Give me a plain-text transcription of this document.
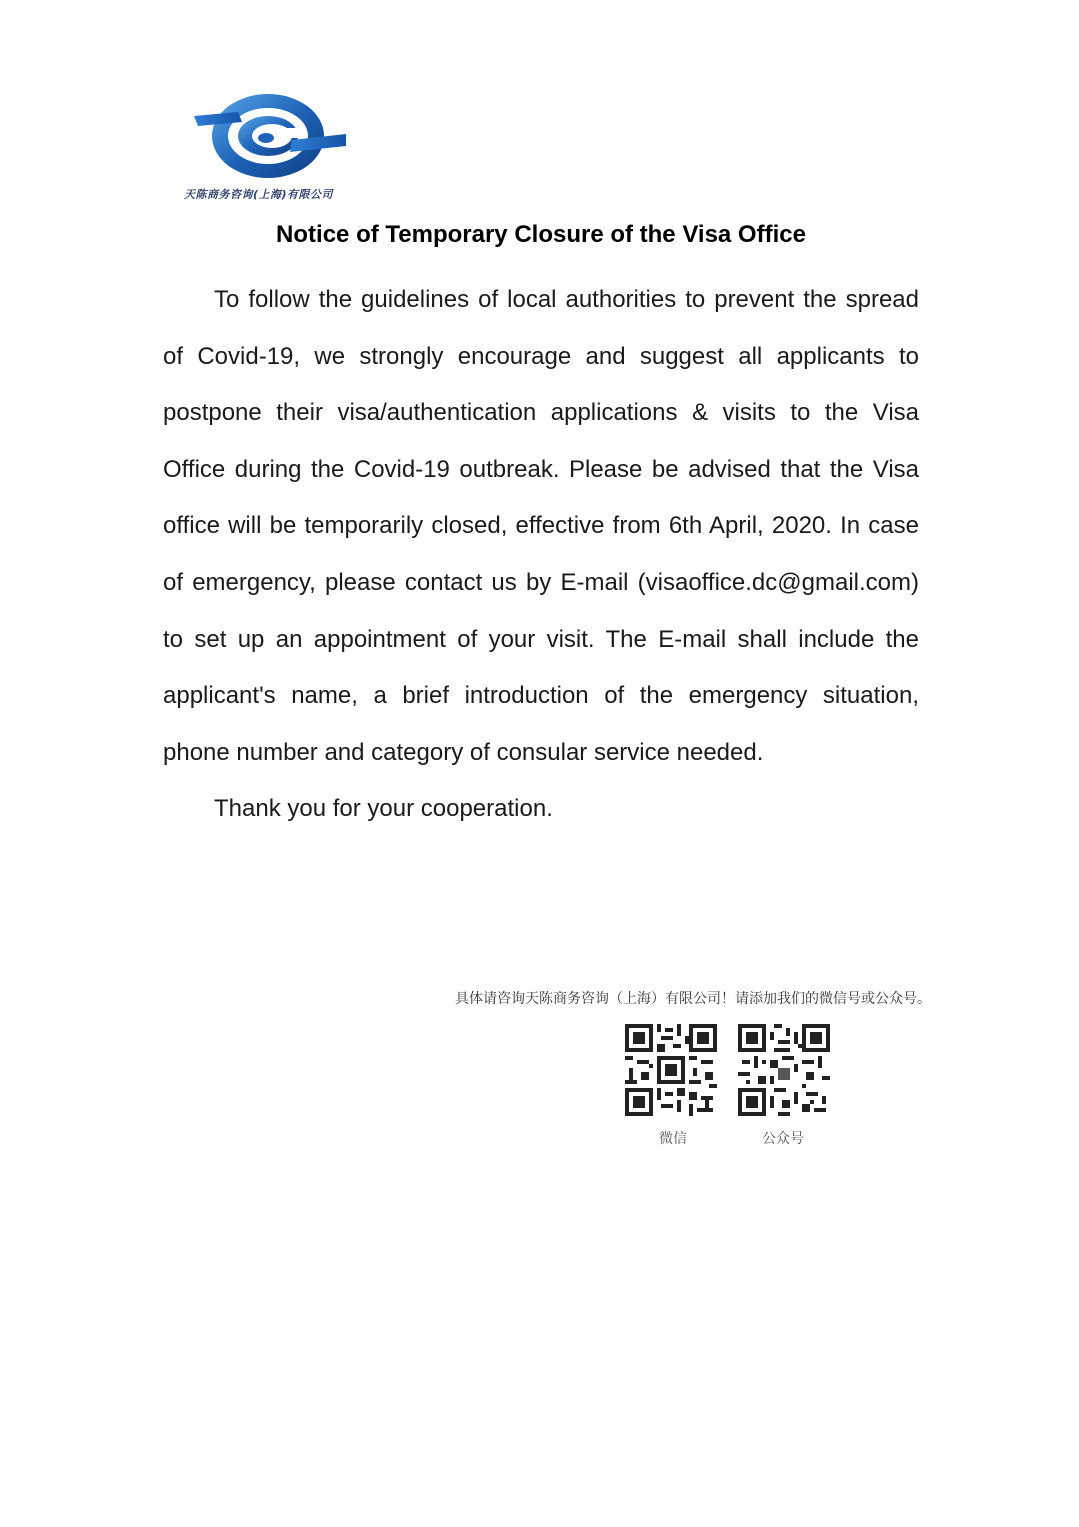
天陈商务咨询(上海)有限公司
Notice of Temporary Closure of the Visa Office

To follow the guidelines of local authorities to prevent the spread of Covid-19, we strongly encourage and suggest all applicants to postpone their visa/authentication applications & visits to the Visa Office during the Covid-19 outbreak. Please be advised that the Visa office will be temporarily closed, effective from 6th April, 2020. In case of emergency, please contact us by E-mail (visaoffice.dc@gmail.com) to set up an appointment of your visit. The E-mail shall include the applicant's name, a brief introduction of the emergency situation, phone number and category of consular service needed.

Thank you for your cooperation.

具体请咨询天陈商务咨询（上海）有限公司！请添加我们的微信号或公众号。
微信	公众号
